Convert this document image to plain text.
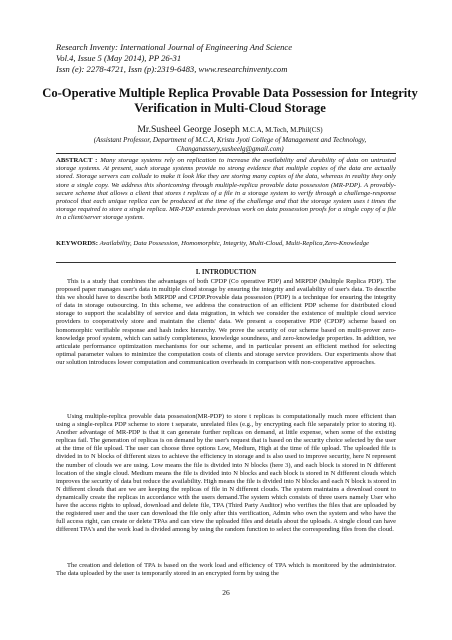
Research Inventy: International Journal of Engineering And Science
Vol.4, Issue 5 (May 2014), PP 26-31
Issn (e): 2278-4721, Issn (p):2319-6483, www.researchinventy.com
Co-Operative Multiple Replica Provable Data Possession for Integrity Verification in Multi-Cloud Storage
Mr.Susheel George Joseph M.C.A, M.Tech, M.Phil(CS)
(Assistant Professor, Department of M.C.A, Kristu Jyoti College of Management and Technology,
Changanassery,susheelg@gmail.com)
ABSTRACT : Many storage systems rely on replication to increase the availability and durability of data on untrusted storage systems. At present, such storage systems provide no strong evidence that multiple copies of the data are actually stored. Storage servers can collude to make it look like they are storing many copies of the data, whereas in reality they only store a single copy. We address this shortcoming through multiple-replica provable data possession (MR-PDP). A provably-secure scheme that allows a client that stores t replicas of a file in a storage system to verify through a challenge-response protocol that each unique replica can be produced at the time of the challenge and that the storage system uses t times the storage required to store a single replica. MR-PDP extends previous work on data possession proofs for a single copy of a file in a client/server storage system.
KEYWORDS: Availability, Data Possession, Homomorphic, Integrity, Multi-Cloud, Multi-Replica,Zero-Knowledge
I. INTRODUCTION

This is a study that combines the advantages of both CPDP (Co operative PDP) and MRPDP (Multiple Replica PDP). The proposed paper manages user's data in multiple cloud storage by ensuring the integrity and availability of user's data. To describe this we should have to describe both MRPDP and CPDP.Provable data possession (PDP) is a technique for ensuring the integrity of data in storage outsourcing. In this scheme, we address the construction of an efficient PDP scheme for distributed cloud storage to support the scalability of service and data migration, in which we consider the existence of multiple cloud service providers to cooperatively store and maintain the clients' data. We present a cooperative PDP (CPDP) scheme based on homomorphic verifiable response and hash index hierarchy. We prove the security of our scheme based on multi-prover zero-knowledge proof system, which can satisfy completeness, knowledge soundness, and zero-knowledge properties. In addition, we articulate performance optimization mechanisms for our scheme, and in particular present an efficient method for selecting optimal parameter values to minimize the computation costs of clients and storage service providers. Our experiments show that our solution introduces lower computation and communication overheads in comparison with non-cooperative approaches.

Using multiple-replica provable data possession(MR-PDP) to store t replicas is computationally much more efficient than using a single-replica PDP scheme to store t separate, unrelated files (e.g., by encrypting each file separately prior to storing it). Another advantage of MR-PDP is that it can generate further replicas on demand, at little expense, when some of the existing replicas fail. The generation of replicas is on demand by the user's request that is based on the security choice selected by the user at the time of file upload. The user can choose three options Low, Medium, High at the time of file upload. The uploaded file is divided in to N blocks of different sizes to achieve the efficiency in storage and is also used to improve security, here N represent the number of clouds we are using. Low means the file is divided into N blocks (here 3), and each block is stored in N different location of the single cloud. Medium means the file is divided into N blocks and each block is stored in N different clouds which improves the security of data but reduce the availability. High means the file is divided into N blocks and each N block is stored in N different clouds that are we are keeping the replicas of file in N different clouds. The system maintains a download count to dynamically create the replicas in accordance with the users demand.The system which consists of three users namely User who have the access rights to upload, download and delete file, TPA (Third Party Auditor) who verifies the files that are uploaded by the registered user and the user can download the file only after this verification, Admin who own the system and who have the full access right, can create or delete TPAs and can view the uploaded files and details about the uploads. A single cloud can have different TPA's and the work load is divided among by using the random function to select the corresponding files from the cloud.

The creation and deletion of TPA is based on the work load and efficiency of TPA which is monitored by the administrator. The data uploaded by the user is temporarily stored in an encrypted form by using the

26
